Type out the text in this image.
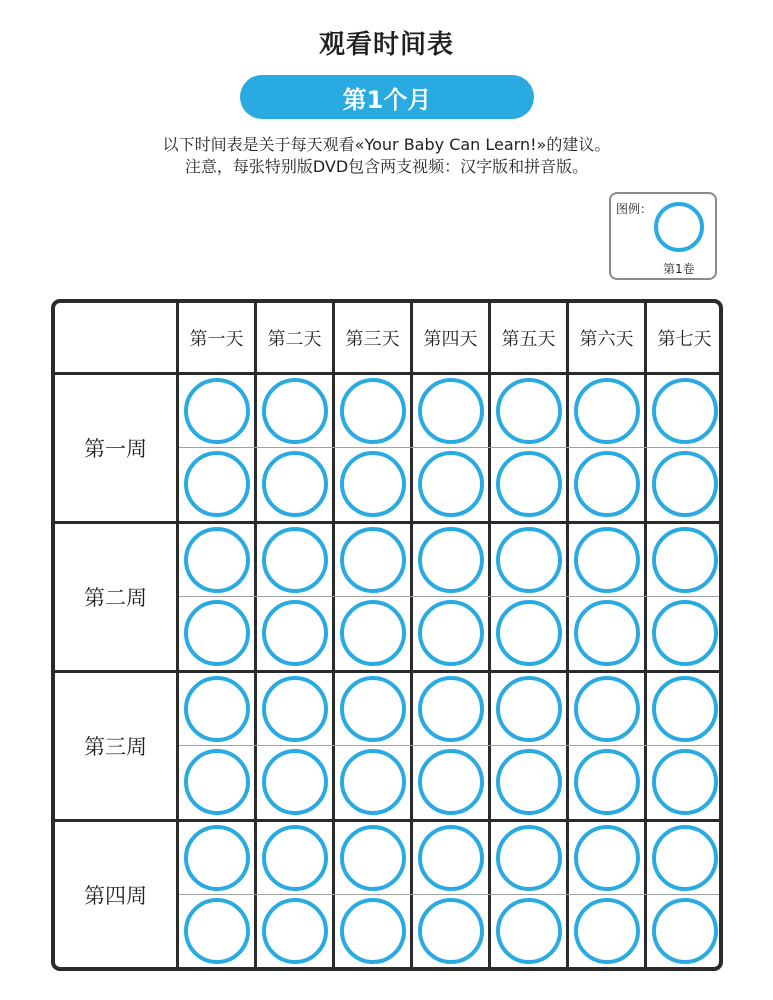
观看时间表
第1个月
以下时间表是关于每天观看«Your Baby Can Learn!»的建议。
注意，每张特别版DVD包含两支视频：汉字版和拼音版。
图例：
第1卷
第一天	第二天	第三天	第四天	第五天	第六天	第七天
第一周
第二周
第三周
第四周
